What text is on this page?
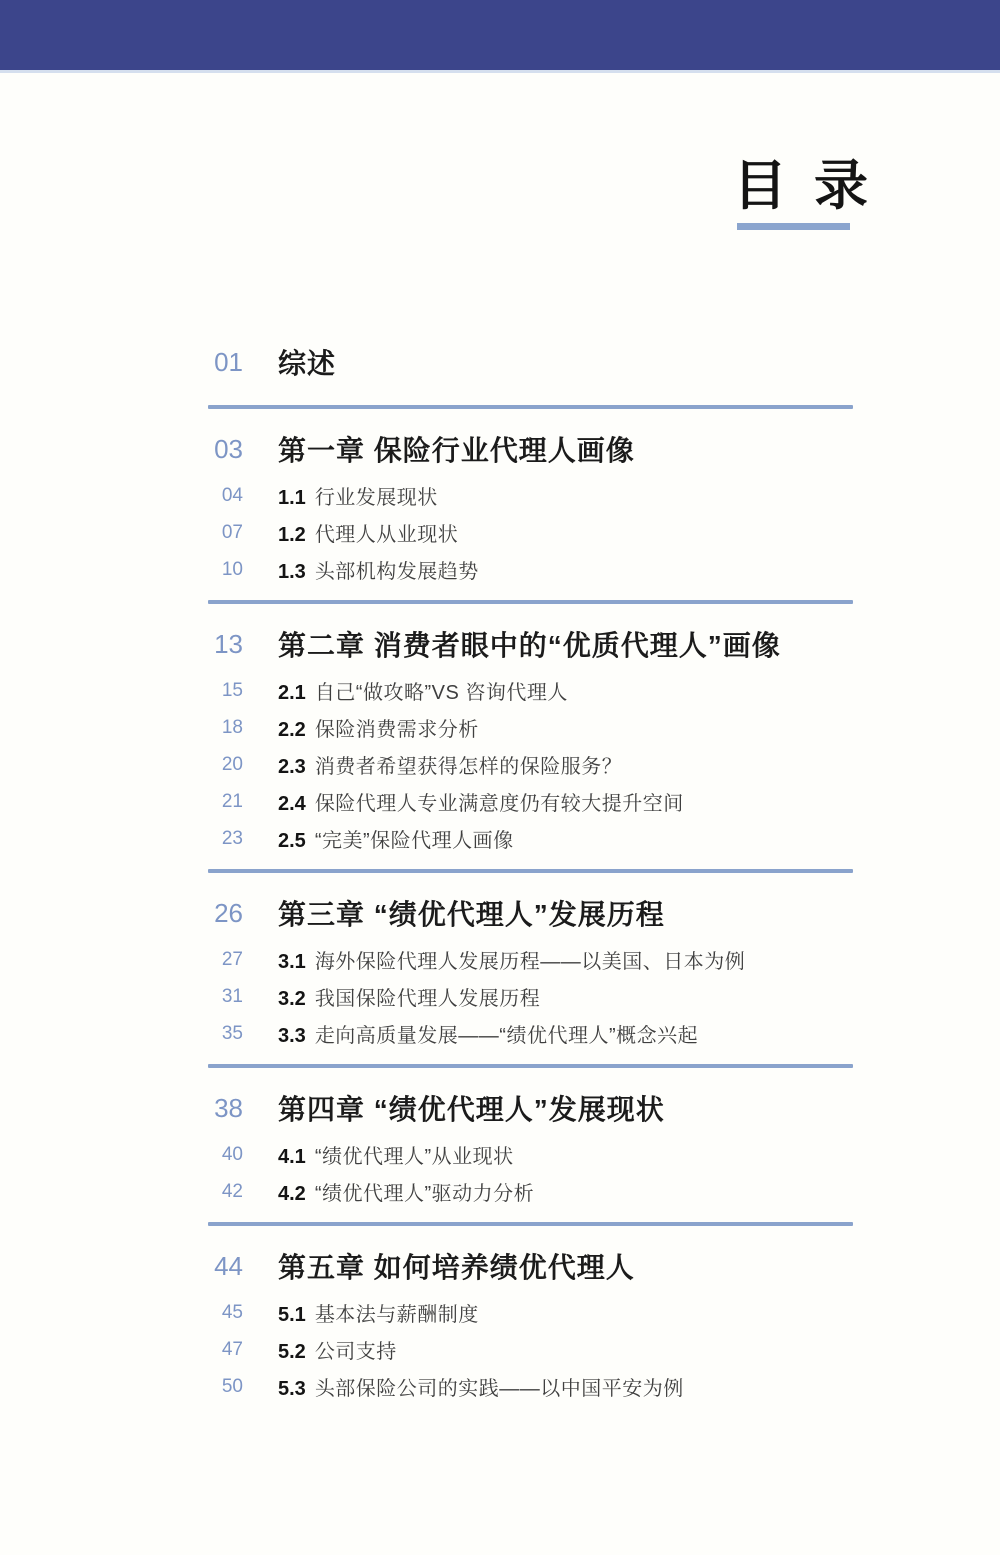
目 录
01 综述
03 第一章 保险行业代理人画像
04 1.1 行业发展现状
07 1.2 代理人从业现状
10 1.3 头部机构发展趋势
13 第二章 消费者眼中的“优质代理人”画像
15 2.1 自己“做攻略”VS 咨询代理人
18 2.2 保险消费需求分析
20 2.3 消费者希望获得怎样的保险服务？
21 2.4 保险代理人专业满意度仍有较大提升空间
23 2.5 “完美”保险代理人画像
26 第三章 “绩优代理人”发展历程
27 3.1 海外保险代理人发展历程——以美国、日本为例
31 3.2 我国保险代理人发展历程
35 3.3 走向高质量发展——“绩优代理人”概念兴起
38 第四章 “绩优代理人”发展现状
40 4.1 “绩优代理人”从业现状
42 4.2 “绩优代理人”驱动力分析
44 第五章 如何培养绩优代理人
45 5.1 基本法与薪酬制度
47 5.2 公司支持
50 5.3 头部保险公司的实践——以中国平安为例
